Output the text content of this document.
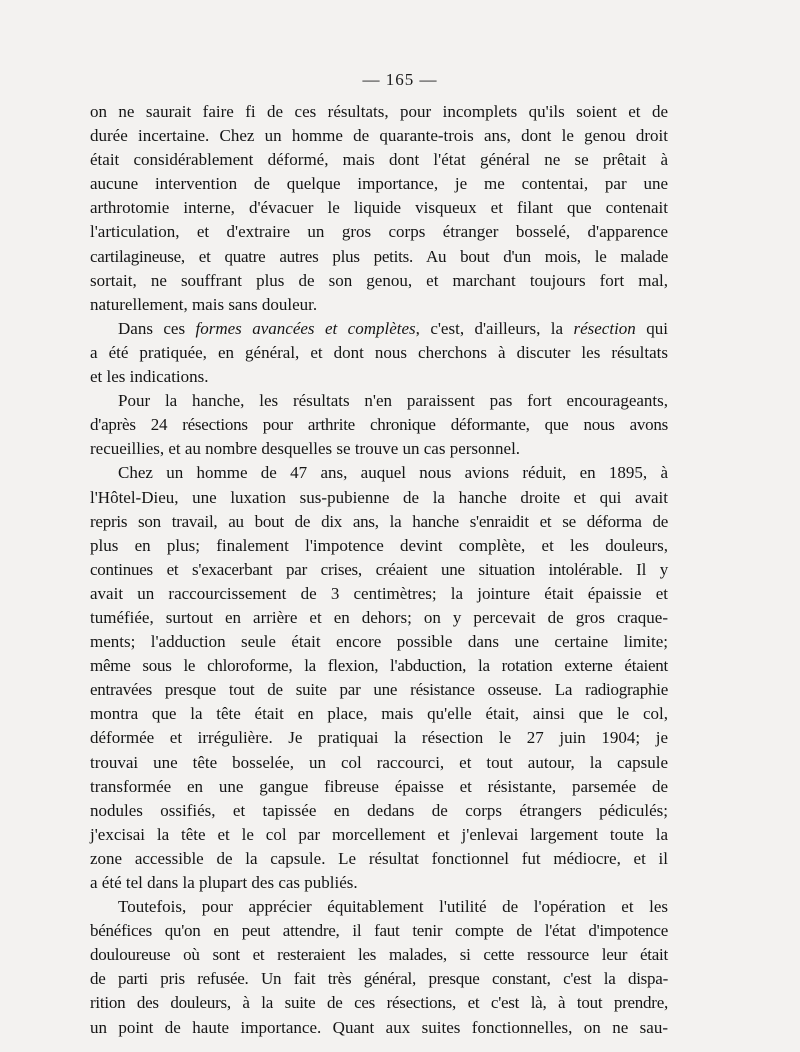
— 165 —
on ne saurait faire fi de ces résultats, pour incomplets qu'ils soient et de
durée incertaine. Chez un homme de quarante-trois ans, dont le genou droit
était considérablement déformé, mais dont l'état général ne se prêtait à
aucune intervention de quelque importance, je me contentai, par une
arthrotomie interne, d'évacuer le liquide visqueux et filant que contenait
l'articulation, et d'extraire un gros corps étranger bosselé, d'apparence
cartilagineuse, et quatre autres plus petits. Au bout d'un mois, le malade
sortait, ne souffrant plus de son genou, et marchant toujours fort mal,
naturellement, mais sans douleur.
Dans ces formes avancées et complètes, c'est, d'ailleurs, la résection qui
a été pratiquée, en général, et dont nous cherchons à discuter les résultats
et les indications.
Pour la hanche, les résultats n'en paraissent pas fort encourageants,
d'après 24 résections pour arthrite chronique déformante, que nous avons
recueillies, et au nombre desquelles se trouve un cas personnel.
Chez un homme de 47 ans, auquel nous avions réduit, en 1895, à
l'Hôtel-Dieu, une luxation sus-pubienne de la hanche droite et qui avait
repris son travail, au bout de dix ans, la hanche s'enraidit et se déforma de
plus en plus; finalement l'impotence devint complète, et les douleurs,
continues et s'exacerbant par crises, créaient une situation intolérable. Il y
avait un raccourcissement de 3 centimètres; la jointure était épaissie et
tuméfiée, surtout en arrière et en dehors; on y percevait de gros craque-
ments; l'adduction seule était encore possible dans une certaine limite;
même sous le chloroforme, la flexion, l'abduction, la rotation externe étaient
entravées presque tout de suite par une résistance osseuse. La radiographie
montra que la tête était en place, mais qu'elle était, ainsi que le col,
déformée et irrégulière. Je pratiquai la résection le 27 juin 1904; je
trouvai une tête bosselée, un col raccourci, et tout autour, la capsule
transformée en une gangue fibreuse épaisse et résistante, parsemée de
nodules ossifiés, et tapissée en dedans de corps étrangers pédiculés;
j'excisai la tête et le col par morcellement et j'enlevai largement toute la
zone accessible de la capsule. Le résultat fonctionnel fut médiocre, et il
a été tel dans la plupart des cas publiés.
Toutefois, pour apprécier équitablement l'utilité de l'opération et les
bénéfices qu'on en peut attendre, il faut tenir compte de l'état d'impotence
douloureuse où sont et resteraient les malades, si cette ressource leur était
de parti pris refusée. Un fait très général, presque constant, c'est la dispa-
rition des douleurs, à la suite de ces résections, et c'est là, à tout prendre,
un point de haute importance. Quant aux suites fonctionnelles, on ne sau-
